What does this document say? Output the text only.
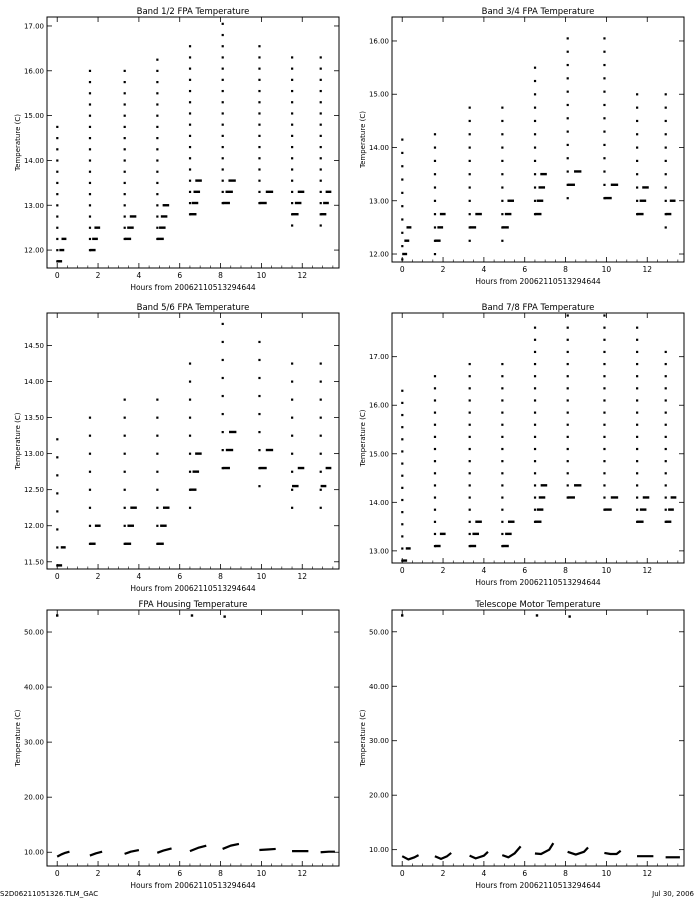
Band 1/2 FPA Temperature
0	2	4	6	8	10	12
Hours from 20062110513294644
12.00
13.00
14.00
15.00
16.00
17.00
Temperature (C)
Band 3/4 FPA Temperature
0	2	4	6	8	10	12
Hours from 20062110513294644
12.00
13.00
14.00
15.00
16.00
Temperature (C)
Band 5/6 FPA Temperature
0	2	4	6	8	10	12
Hours from 20062110513294644
11.50
12.00
12.50
13.00
13.50
14.00
14.50
Temperature (C)
Band 7/8 FPA Temperature
0	2	4	6	8	10	12
Hours from 20062110513294644
13.00
14.00
15.00
16.00
17.00
Temperature (C)
FPA Housing Temperature
0	2	4	6	8	10	12
Hours from 20062110513294644
10.00
20.00
30.00
40.00
50.00
Temperature (C)
Telescope Motor Temperature
0	2	4	6	8	10	12
Hours from 20062110513294644
10.00
20.00
30.00
40.00
50.00
Temperature (C)
S2D06211051326.TLM_GAC	Jul 30, 2006
